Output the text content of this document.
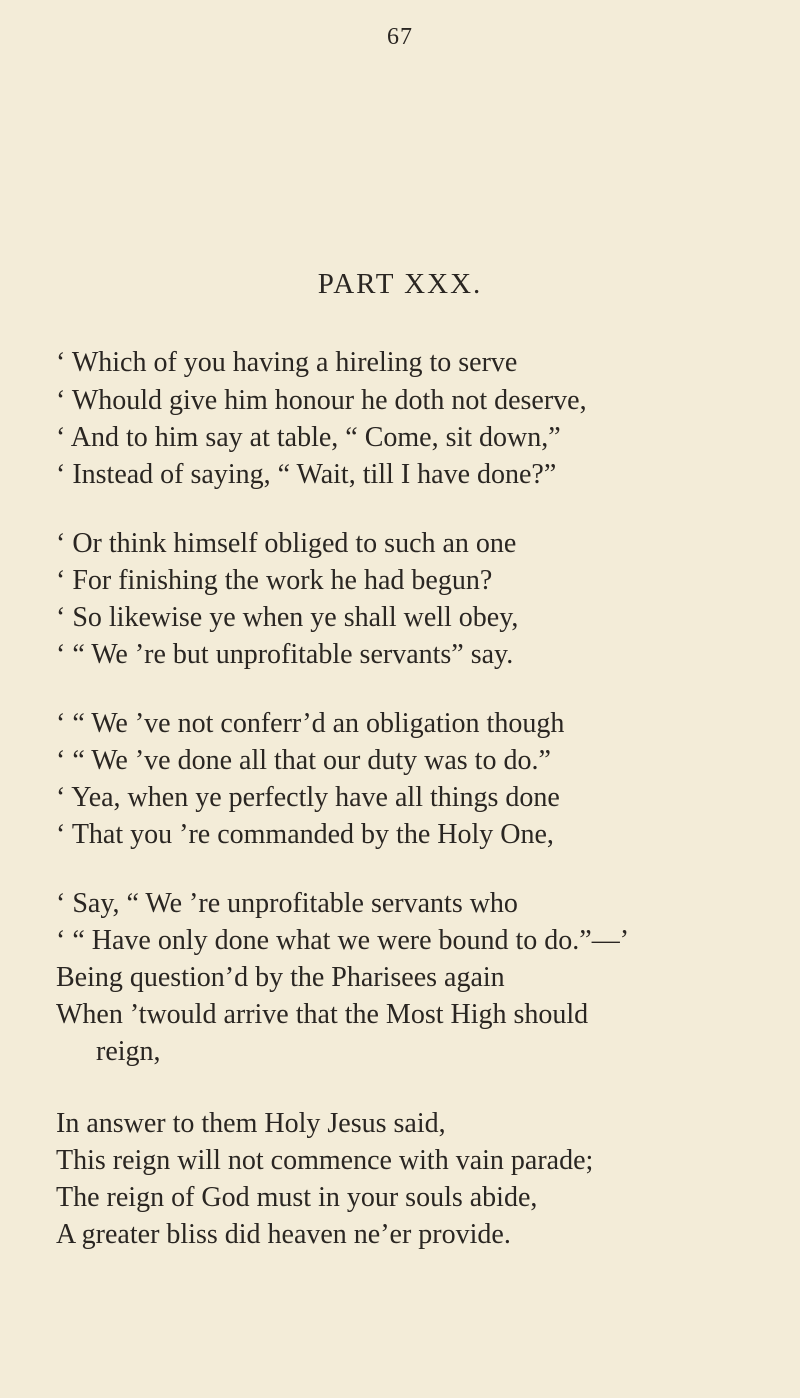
67
PART XXX.
‘ Which of you having a hireling to serve
‘ Whould give him honour he doth not deserve,
‘ And to him say at table, “ Come, sit down,”
‘ Instead of saying, “ Wait, till I have done?”
‘ Or think himself obliged to such an one
‘ For finishing the work he had begun?
‘ So likewise ye when ye shall well obey,
‘ “ We ’re but unprofitable servants” say.
‘ “ We ’ve not conferr’d an obligation though
‘ “ We ’ve done all that our duty was to do.”
‘ Yea, when ye perfectly have all things done
‘ That you ’re commanded by the Holy One,
‘ Say, “ We ’re unprofitable servants who
‘ “ Have only done what we were bound to do.”—’
Being question’d by the Pharisees again
When ’twould arrive that the Most High should
reign,
In answer to them Holy Jesus said,
This reign will not commence with vain parade;
The reign of God must in your souls abide,
A greater bliss did heaven ne’er provide.
